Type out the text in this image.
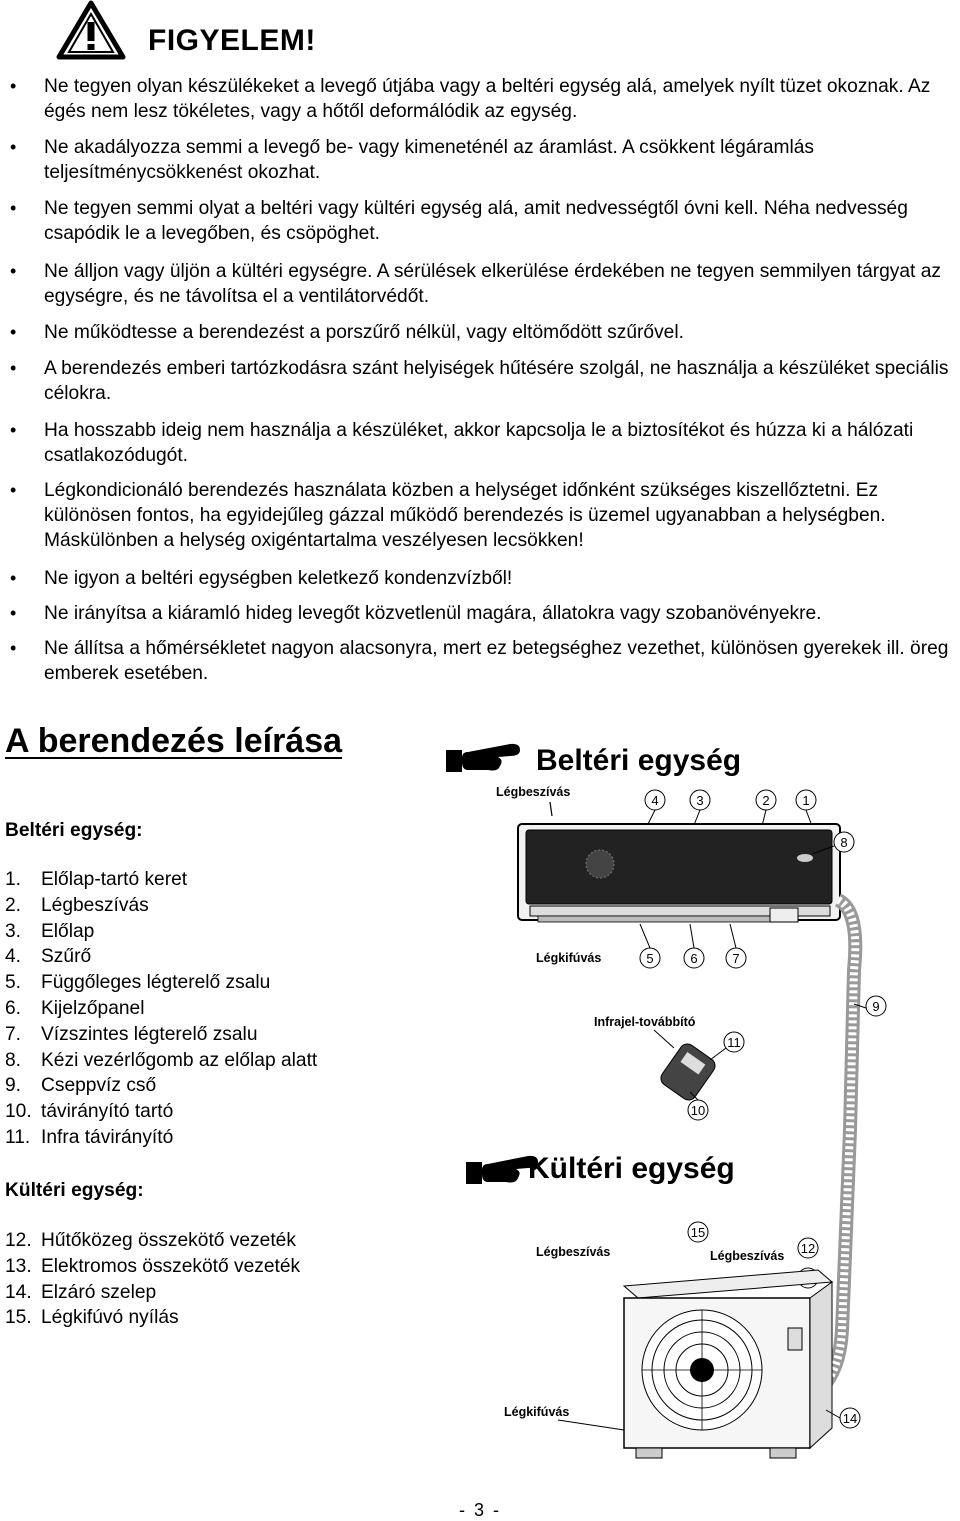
FIGYELEM!
• Ne tegyen olyan készülékeket a levegő útjába vagy a beltéri egység alá, amelyek nyílt tüzet okoznak. Az égés nem lesz tökéletes, vagy a hőtől deformálódik az egység.
• Ne akadályozza semmi a levegő be- vagy kimeneténél az áramlást. A csökkent légáramlás teljesítménycsökkenést okozhat.
• Ne tegyen semmi olyat a beltéri vagy kültéri egység alá, amit nedvességtől óvni kell. Néha nedvesség csapódik le a levegőben, és csöpöghet.
• Ne álljon vagy üljön a kültéri egységre. A sérülések elkerülése érdekében ne tegyen semmilyen tárgyat az egységre, és ne távolítsa el a ventilátorvédőt.
• Ne működtesse a berendezést a porszűrő nélkül, vagy eltömődött szűrővel.
• A berendezés emberi tartózkodásra szánt helyiségek hűtésére szolgál, ne használja a készüléket speciális célokra.
• Ha hosszabb ideig nem használja a készüléket, akkor kapcsolja le a biztosítékot és húzza ki a hálózati csatlakozódugót.
• Légkondicionáló berendezés használata közben a helységet időnként szükséges kiszellőztetni. Ez különösen fontos, ha egyidejűleg gázzal működő berendezés is üzemel ugyanabban a helységben. Máskülönben a helység oxigéntartalma veszélyesen lecsökken!
• Ne igyon a beltéri egységben keletkező kondenzvízből!
• Ne irányítsa a kiáramló hideg levegőt közvetlenül magára, állatokra vagy szobanövényekre.
• Ne állítsa a hőmérsékletet nagyon alacsonyra, mert ez betegséghez vezethet, különösen gyerekek ill. öreg emberek esetében.
A berendezés leírása
Beltéri egység:
1. Előlap-tartó keret
2. Légbeszívás
3. Előlap
4. Szűrő
5. Függőleges légterelő zsalu
6. Kijelzőpanel
7. Vízszintes légterelő zsalu
8. Kézi vezérlőgomb az előlap alatt
9. Cseppvíz cső
10. távirányító tartó
11. Infra távirányító
Kültéri egység:
12. Hűtőközeg összekötő vezeték
13. Elektromos összekötő vezeték
14. Elzáró szelep
15. Légkifúvó nyílás
Beltéri egység
Légbeszívás
4	3	2	1
8
Légkifúvás	5	6	7
9
Infrajel-továbbító
11
10
Kültéri egység
Légbeszívás	Légbeszívás
15
12
Légkifúvás	14
- 3 -
